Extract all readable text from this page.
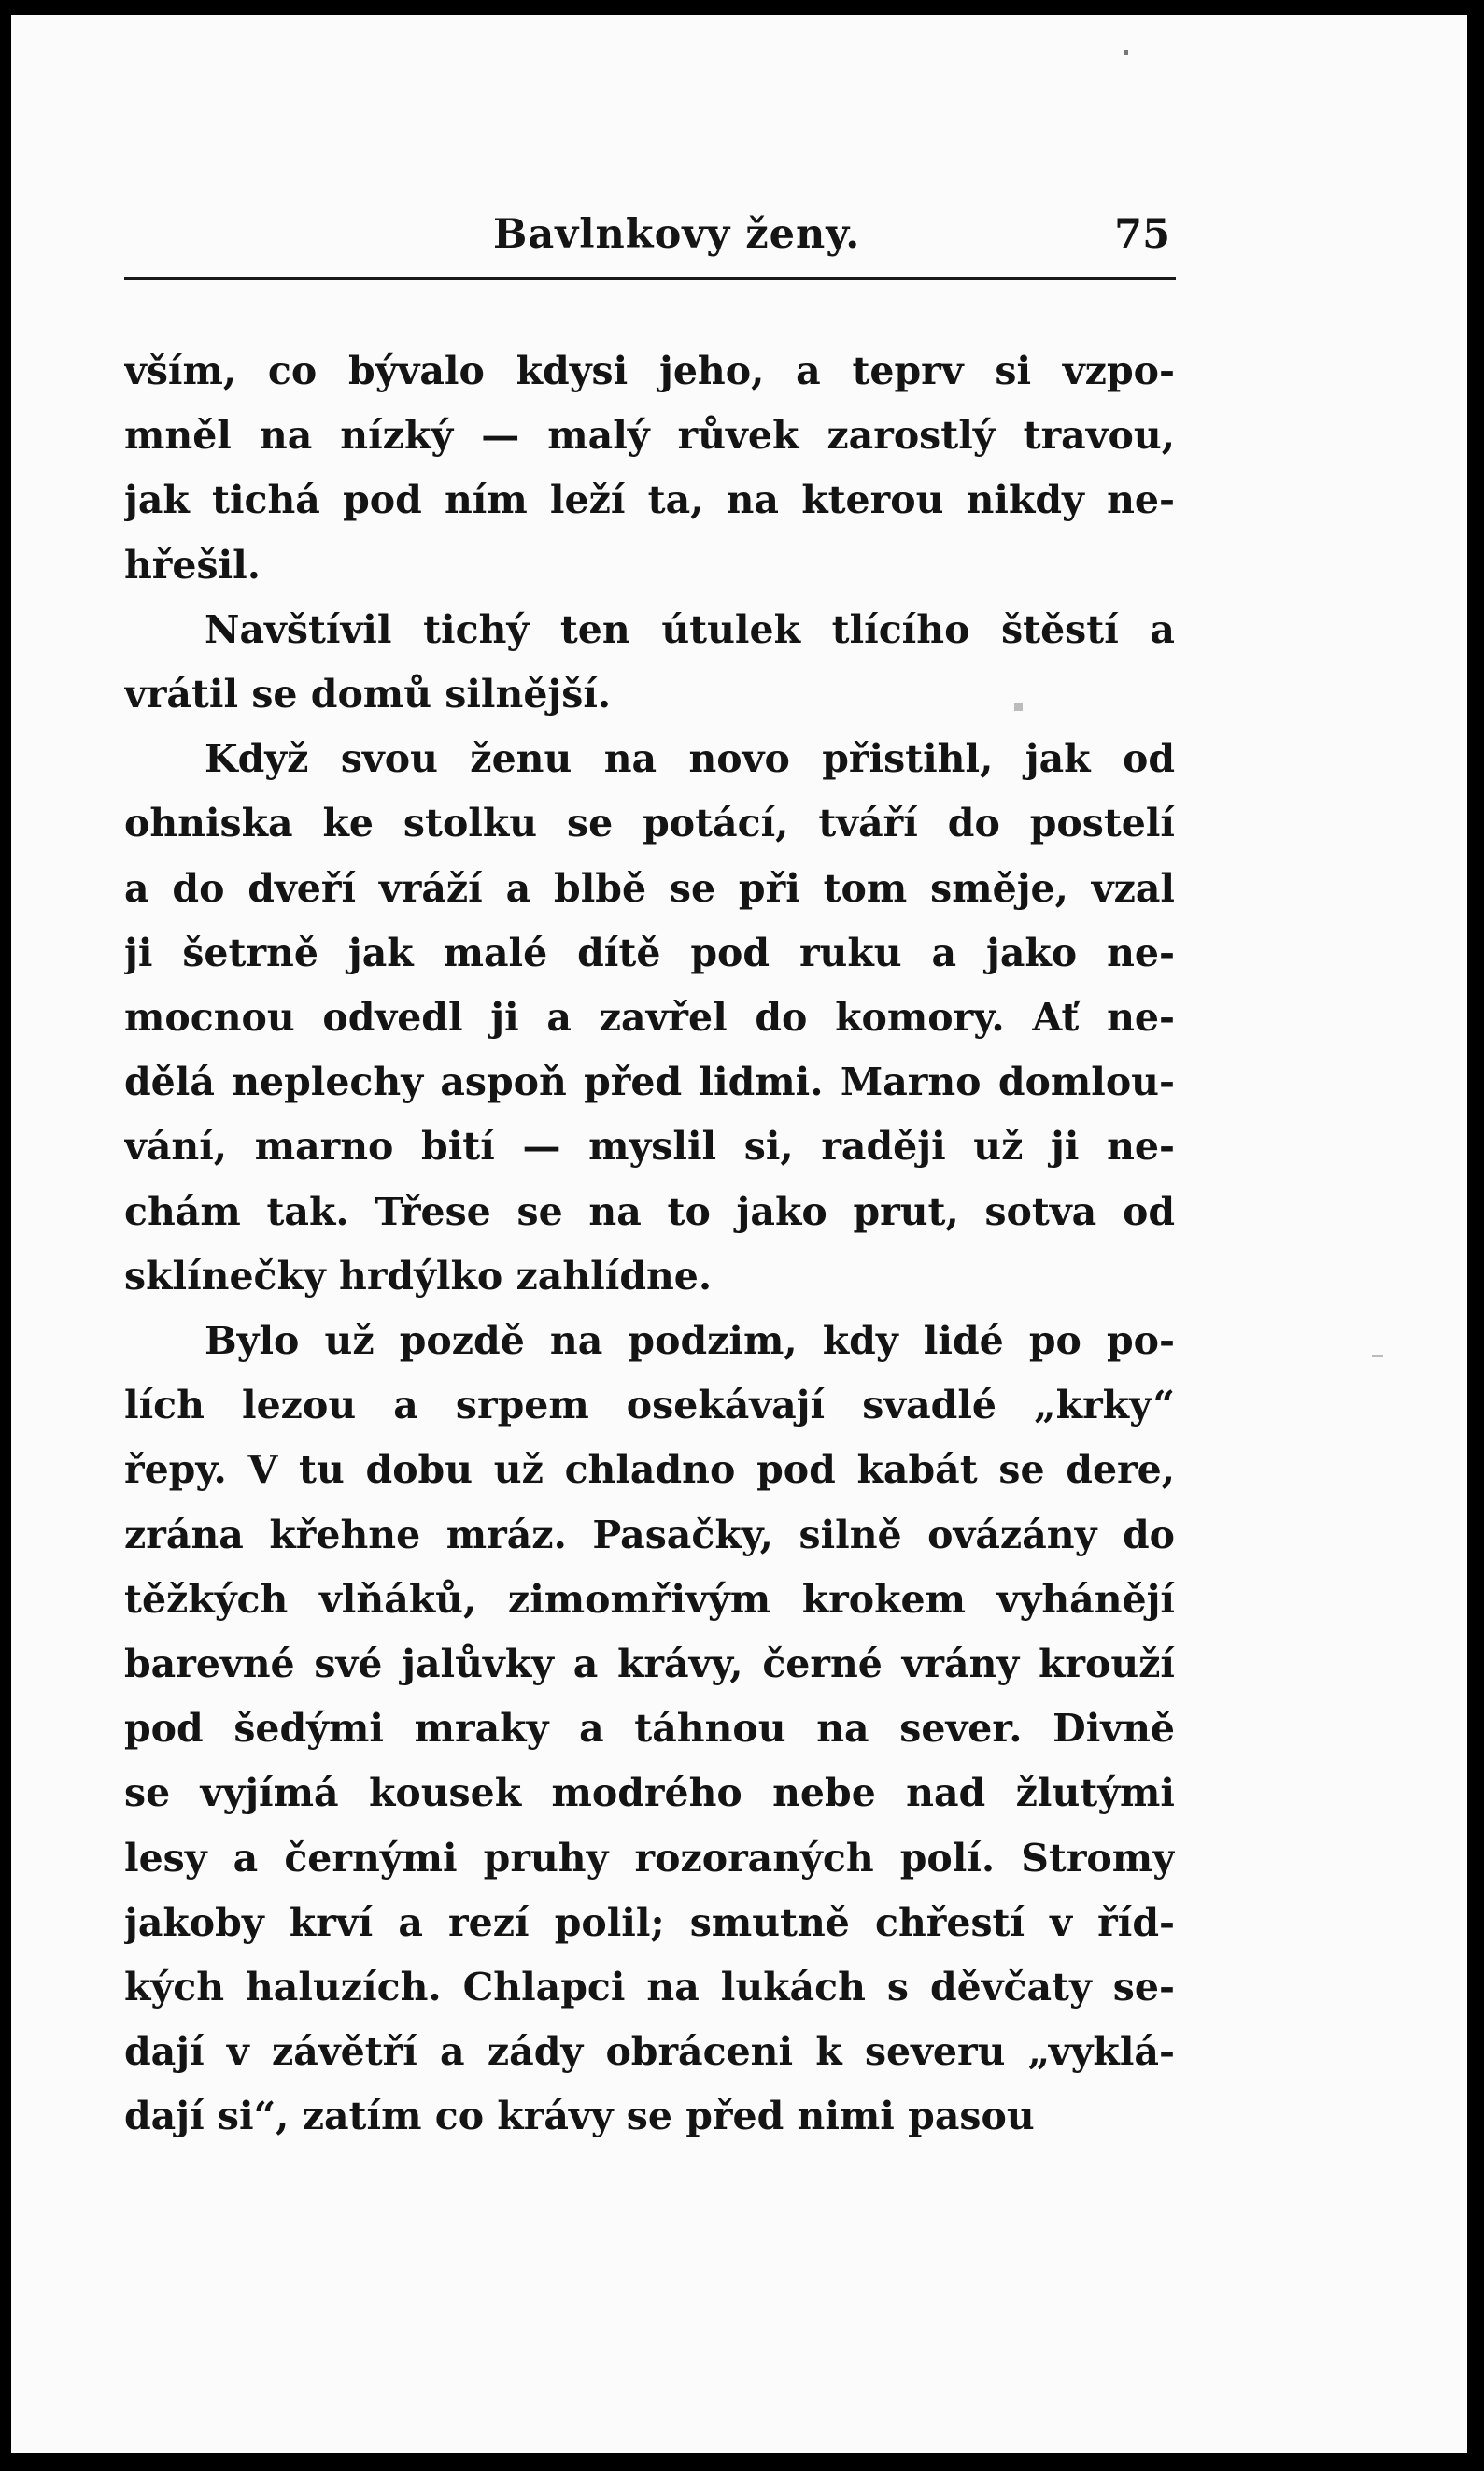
Bavlnkovy ženy.	75

vším, co bývalo kdysi jeho, a teprv si vzpo-
mněl na nízký — malý růvek zarostlý travou,
jak tichá pod ním leží ta, na kterou nikdy ne-
hřešil.

Navštívil tichý ten útulek tlícího štěstí a
vrátil se domů silnější.

Když svou ženu na novo přistihl, jak od
ohniska ke stolku se potácí, tváří do postelí
a do dveří vráží a blbě se při tom směje, vzal
ji šetrně jak malé dítě pod ruku a jako ne-
mocnou odvedl ji a zavřel do komory. Ať ne-
dělá neplechy aspoň před lidmi. Marno domlou-
vání, marno bití — myslil si, raději už ji ne-
chám tak. Třese se na to jako prut, sotva od
sklínečky hrdýlko zahlídne.

Bylo už pozdě na podzim, kdy lidé po po-
lích lezou a srpem osekávají svadlé „krky“
řepy. V tu dobu už chladno pod kabát se dere,
zrána křehne mráz. Pasačky, silně ovázány do
těžkých vlňáků, zimomřivým krokem vyhánějí
barevné své jalůvky a krávy, černé vrány krouží
pod šedými mraky a táhnou na sever. Divně
se vyjímá kousek modrého nebe nad žlutými
lesy a černými pruhy rozoraných polí. Stromy
jakoby krví a rezí polil; smutně chřestí v říd-
kých haluzích. Chlapci na lukách s děvčaty se-
dají v závětří a zády obráceni k severu „vyklá-
dají si“, zatím co krávy se před nimi pasou
